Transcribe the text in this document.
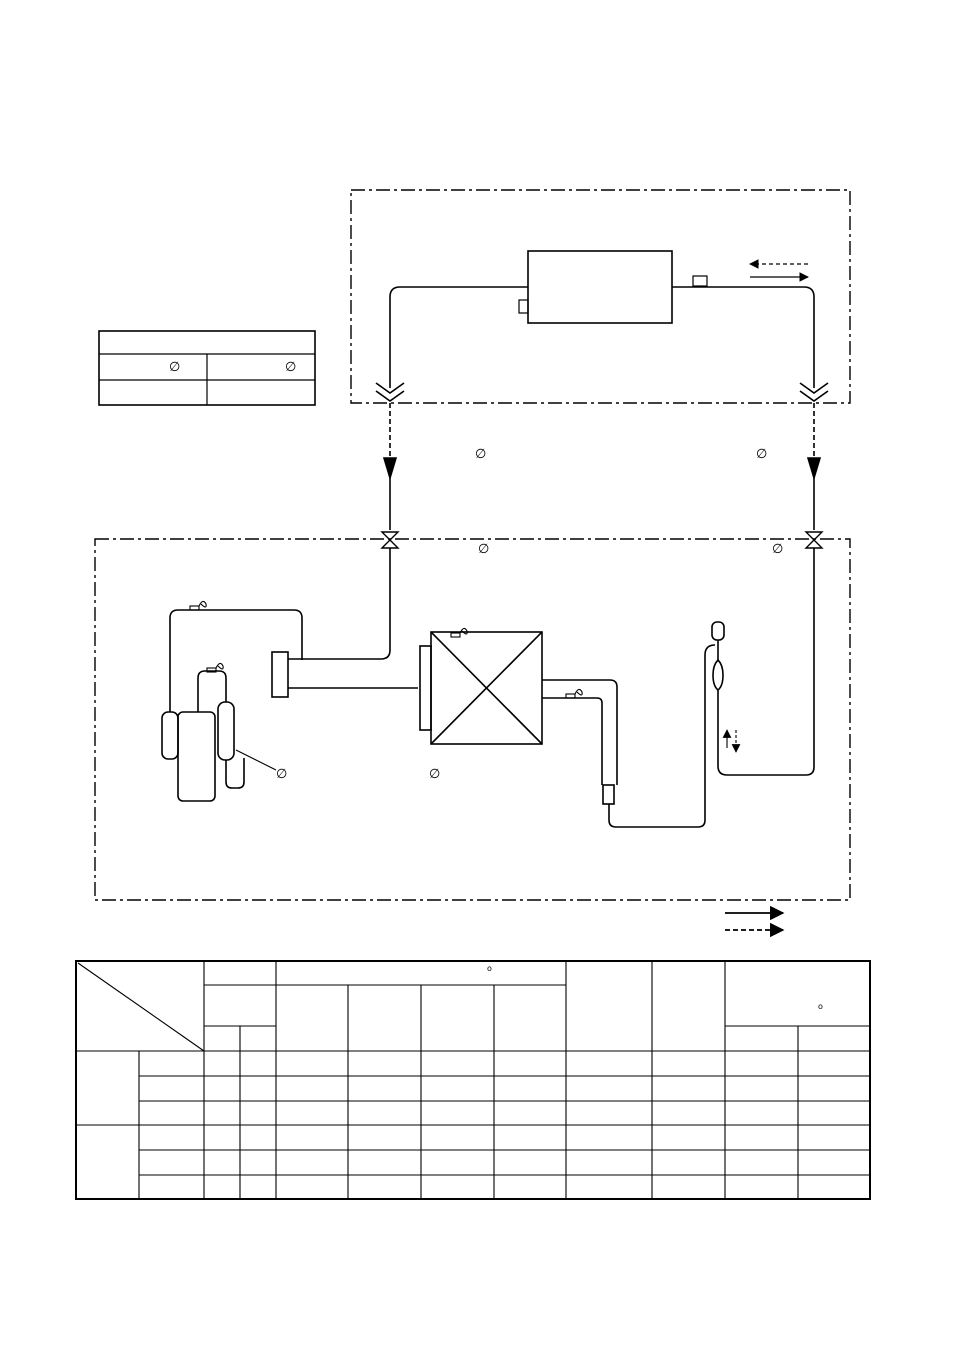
∅	∅
∅	∅
∅	∅
∅	∅
o
o
